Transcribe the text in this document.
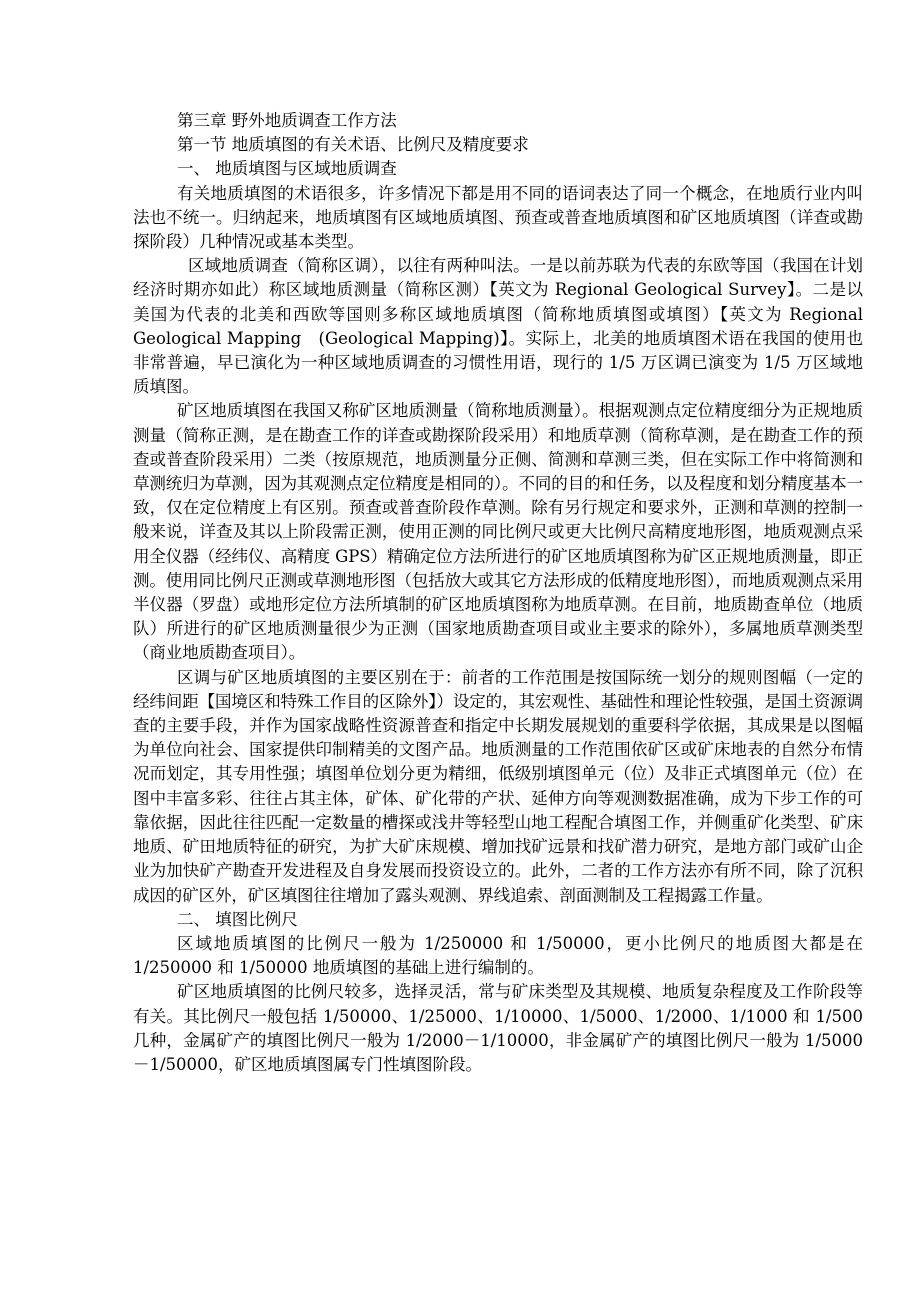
第三章 野外地质调查工作方法

第一节 地质填图的有关术语、比例尺及精度要求

一、 地质填图与区域地质调查

有关地质填图的术语很多，许多情况下都是用不同的语词表达了同一个概念，在地质行业内叫法也不统一。归纳起来，地质填图有区域地质填图、预查或普查地质填图和矿区地质填图（详查或勘探阶段）几种情况或基本类型。

区域地质调查（简称区调），以往有两种叫法。一是以前苏联为代表的东欧等国（我国在计划经济时期亦如此）称区域地质测量（简称区测）【英文为 Regional Geological Survey】。二是以美国为代表的北美和西欧等国则多称区域地质填图（简称地质填图或填图）【英文为 Regional Geological Mapping　(Geological Mapping)】。实际上，北美的地质填图术语在我国的使用也非常普遍，早已演化为一种区域地质调查的习惯性用语，现行的 1/5 万区调已演变为 1/5 万区域地质填图。

矿区地质填图在我国又称矿区地质测量（简称地质测量）。根据观测点定位精度细分为正规地质测量（简称正测，是在勘查工作的详查或勘探阶段采用）和地质草测（简称草测，是在勘查工作的预查或普查阶段采用）二类（按原规范，地质测量分正侧、简测和草测三类，但在实际工作中将简测和草测统归为草测，因为其观测点定位精度是相同的）。不同的目的和任务，以及程度和划分精度基本一致，仅在定位精度上有区别。预查或普查阶段作草测。除有另行规定和要求外，正测和草测的控制一般来说，详查及其以上阶段需正测，使用正测的同比例尺或更大比例尺高精度地形图，地质观测点采用全仪器（经纬仪、高精度 GPS）精确定位方法所进行的矿区地质填图称为矿区正规地质测量，即正测。使用同比例尺正测或草测地形图（包括放大或其它方法形成的低精度地形图），而地质观测点采用半仪器（罗盘）或地形定位方法所填制的矿区地质填图称为地质草测。在目前，地质勘查单位（地质队）所进行的矿区地质测量很少为正测（国家地质勘查项目或业主要求的除外），多属地质草测类型（商业地质勘查项目）。

区调与矿区地质填图的主要区别在于：前者的工作范围是按国际统一划分的规则图幅（一定的经纬间距【国境区和特殊工作目的区除外】）设定的，其宏观性、基础性和理论性较强，是国土资源调查的主要手段，并作为国家战略性资源普查和指定中长期发展规划的重要科学依据，其成果是以图幅为单位向社会、国家提供印制精美的文图产品。地质测量的工作范围依矿区或矿床地表的自然分布情况而划定，其专用性强；填图单位划分更为精细，低级别填图单元（位）及非正式填图单元（位）在图中丰富多彩、往往占其主体，矿体、矿化带的产状、延伸方向等观测数据准确，成为下步工作的可靠依据，因此往往匹配一定数量的槽探或浅井等轻型山地工程配合填图工作，并侧重矿化类型、矿床地质、矿田地质特征的研究，为扩大矿床规模、增加找矿远景和找矿潜力研究，是地方部门或矿山企业为加快矿产勘查开发进程及自身发展而投资设立的。此外，二者的工作方法亦有所不同，除了沉积成因的矿区外，矿区填图往往增加了露头观测、界线追索、剖面测制及工程揭露工作量。

二、 填图比例尺

区域地质填图的比例尺一般为 1/250000 和 1/50000，更小比例尺的地质图大都是在 1/250000 和 1/50000 地质填图的基础上进行编制的。

矿区地质填图的比例尺较多，选择灵活，常与矿床类型及其规模、地质复杂程度及工作阶段等有关。其比例尺一般包括 1/50000、1/25000、1/10000、1/5000、1/2000、1/1000 和 1/500 几种，金属矿产的填图比例尺一般为 1/2000－1/10000，非金属矿产的填图比例尺一般为 1/5000－1/50000，矿区地质填图属专门性填图阶段。
